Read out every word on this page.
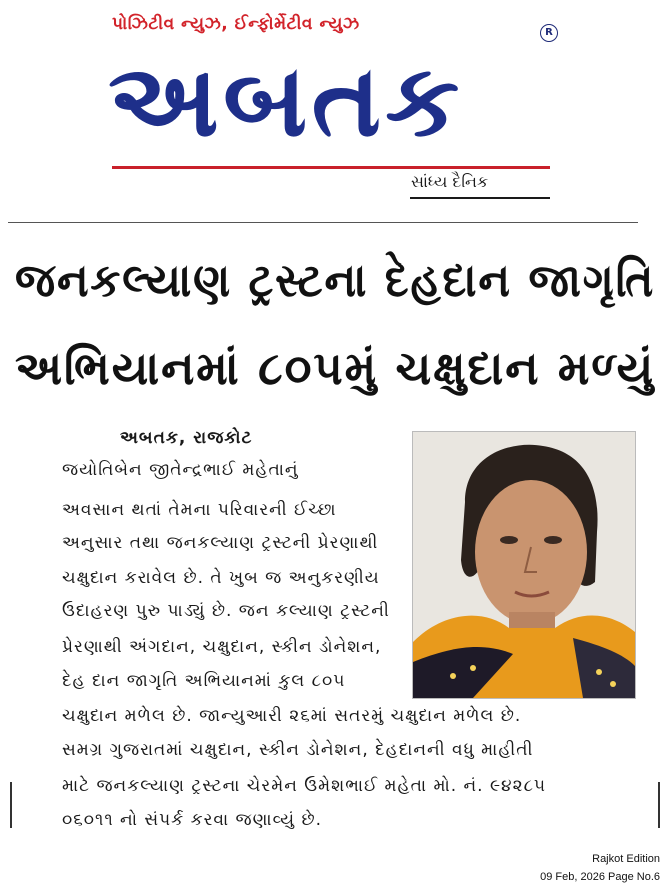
પોઝિટીવ ન્યુઝ, ઈન્ફોર્મેટીવ ન્યુઝ	R
અબતક
સાંધ્ય દૈનિક
જનકલ્યાણ ટ્રસ્ટના દેહદાન જાગૃતિ
અભિયાનમાં ૮૦૫મું ચક્ષુદાન મળ્યું
અબતક, રાજકોટ
જયોતિબેન જીતેન્દ્રભાઈ મહેતાનું
અવસાન થતાં તેમના પરિવારની ઈચ્છા
અનુસાર તથા જનકલ્યાણ ટ્રસ્ટની પ્રેરણાથી
ચક્ષુદાન કરાવેલ છે. તે ખુબ જ અનુકરણીય
ઉદાહરણ પુરુ પાડ્યું છે. જન કલ્યાણ ટ્રસ્ટની
પ્રેરણાથી અંગદાન, ચક્ષુદાન, સ્કીન ડોનેશન,
દેહ દાન જાગૃતિ અભિયાનમાં કુલ ૮૦૫
ચક્ષુદાન મળેલ છે. જાન્યુઆરી ૨૬માં સતરમું ચક્ષુદાન મળેલ છે.
સમગ્ર ગુજરાતમાં ચક્ષુદાન, સ્કીન ડોનેશન, દેહદાનની વધુ માહીતી
માટે જનકલ્યાણ ટ્રસ્ટના ચેરમેન ઉમેશભાઈ મહેતા મો. નં. ૯૪૨૮૫
૦૬૦૧૧ નો સંપર્ક કરવા જણાવ્યું છે.
Rajkot Edition
09 Feb, 2026 Page No.6
